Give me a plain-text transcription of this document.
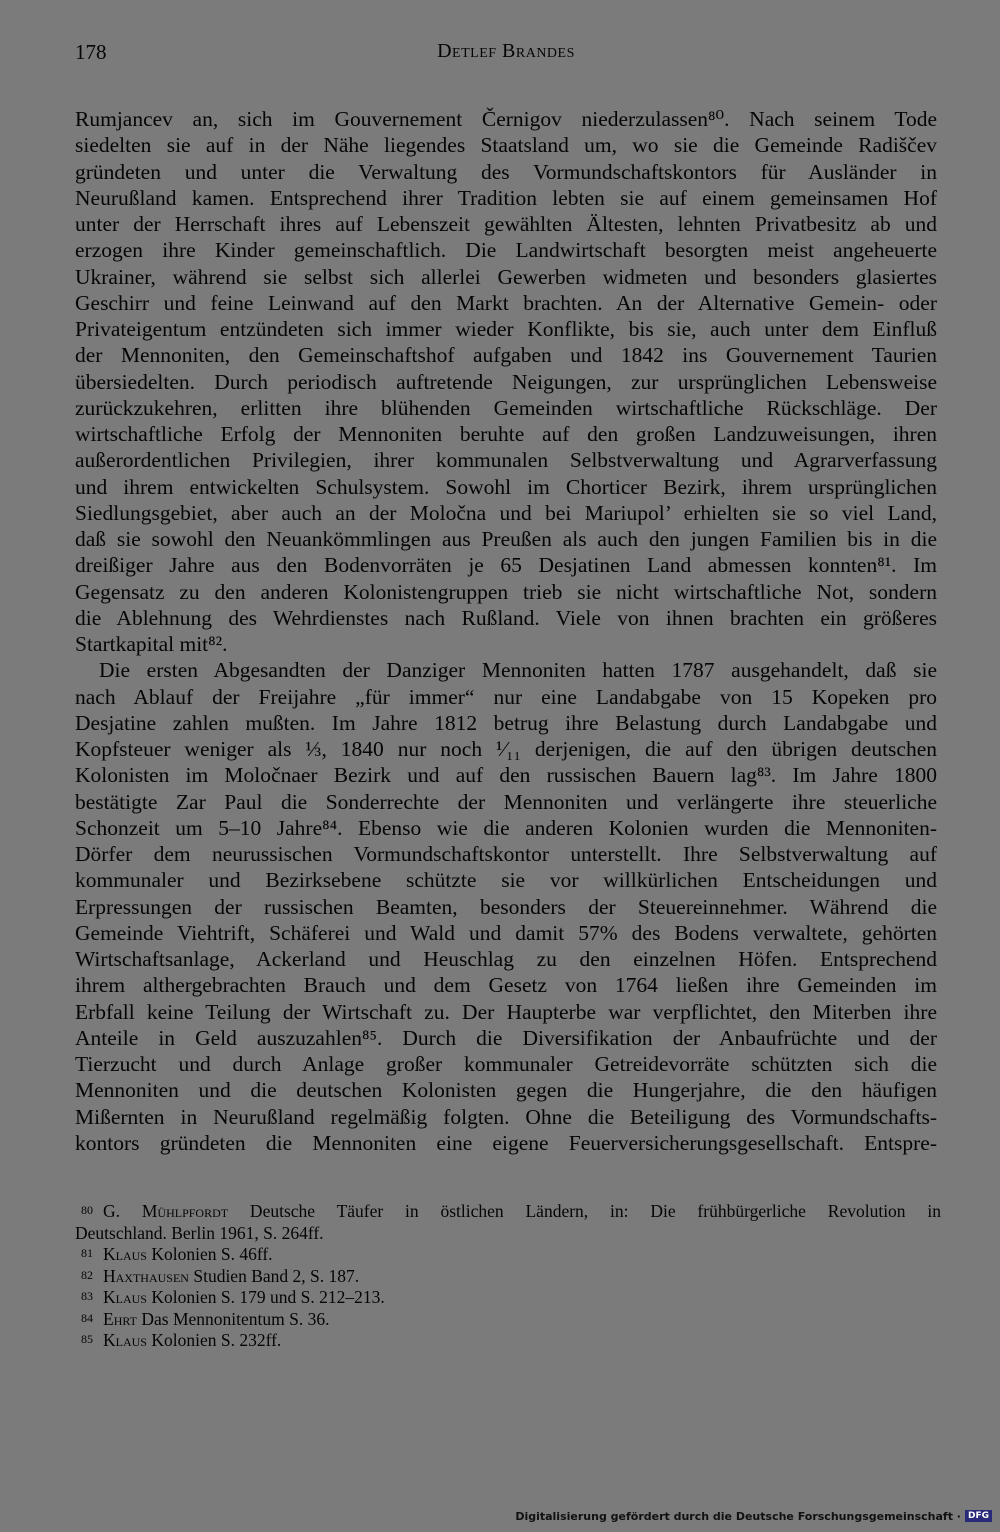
178	Detlef Brandes
Rumjancev an, sich im Gouvernement Černigov niederzulassen⁸⁰. Nach seinem Tode
siedelten sie auf in der Nähe liegendes Staatsland um, wo sie die Gemeinde Radiščev
gründeten und unter die Verwaltung des Vormundschaftskontors für Ausländer in
Neurußland kamen. Entsprechend ihrer Tradition lebten sie auf einem gemeinsamen Hof
unter der Herrschaft ihres auf Lebenszeit gewählten Ältesten, lehnten Privatbesitz ab und
erzogen ihre Kinder gemeinschaftlich. Die Landwirtschaft besorgten meist angeheuerte
Ukrainer, während sie selbst sich allerlei Gewerben widmeten und besonders glasiertes
Geschirr und feine Leinwand auf den Markt brachten. An der Alternative Gemein- oder
Privateigentum entzündeten sich immer wieder Konflikte, bis sie, auch unter dem Einfluß
der Mennoniten, den Gemeinschaftshof aufgaben und 1842 ins Gouvernement Taurien
übersiedelten. Durch periodisch auftretende Neigungen, zur ursprünglichen Lebensweise
zurückzukehren, erlitten ihre blühenden Gemeinden wirtschaftliche Rückschläge. Der
wirtschaftliche Erfolg der Mennoniten beruhte auf den großen Landzuweisungen, ihren
außerordentlichen Privilegien, ihrer kommunalen Selbstverwaltung und Agrarverfassung
und ihrem entwickelten Schulsystem. Sowohl im Chorticer Bezirk, ihrem ursprünglichen
Siedlungsgebiet, aber auch an der Moločna und bei Mariupol’ erhielten sie so viel Land,
daß sie sowohl den Neuankömmlingen aus Preußen als auch den jungen Familien bis in die
dreißiger Jahre aus den Bodenvorräten je 65 Desjatinen Land abmessen konnten⁸¹. Im
Gegensatz zu den anderen Kolonistengruppen trieb sie nicht wirtschaftliche Not, sondern
die Ablehnung des Wehrdienstes nach Rußland. Viele von ihnen brachten ein größeres
Startkapital mit⁸².
Die ersten Abgesandten der Danziger Mennoniten hatten 1787 ausgehandelt, daß sie
nach Ablauf der Freijahre „für immer“ nur eine Landabgabe von 15 Kopeken pro
Desjatine zahlen mußten. Im Jahre 1812 betrug ihre Belastung durch Landabgabe und
Kopfsteuer weniger als ⅓, 1840 nur noch ¹⁄₁₁ derjenigen, die auf den übrigen deutschen
Kolonisten im Moločnaer Bezirk und auf den russischen Bauern lag⁸³. Im Jahre 1800
bestätigte Zar Paul die Sonderrechte der Mennoniten und verlängerte ihre steuerliche
Schonzeit um 5–10 Jahre⁸⁴. Ebenso wie die anderen Kolonien wurden die Mennoniten-
Dörfer dem neurussischen Vormundschaftskontor unterstellt. Ihre Selbstverwaltung auf
kommunaler und Bezirksebene schützte sie vor willkürlichen Entscheidungen und
Erpressungen der russischen Beamten, besonders der Steuereinnehmer. Während die
Gemeinde Viehtrift, Schäferei und Wald und damit 57% des Bodens verwaltete, gehörten
Wirtschaftsanlage, Ackerland und Heuschlag zu den einzelnen Höfen. Entsprechend
ihrem althergebrachten Brauch und dem Gesetz von 1764 ließen ihre Gemeinden im
Erbfall keine Teilung der Wirtschaft zu. Der Haupterbe war verpflichtet, den Miterben ihre
Anteile in Geld auszuzahlen⁸⁵. Durch die Diversifikation der Anbaufrüchte und der
Tierzucht und durch Anlage großer kommunaler Getreidevorräte schützten sich die
Mennoniten und die deutschen Kolonisten gegen die Hungerjahre, die den häufigen
Mißernten in Neurußland regelmäßig folgten. Ohne die Beteiligung des Vormundschafts-
kontors gründeten die Mennoniten eine eigene Feuerversicherungsgesellschaft. Entspre-
80 G. Mühlpfordt Deutsche Täufer in östlichen Ländern, in: Die frühbürgerliche Revolution in
Deutschland. Berlin 1961, S. 264ff.
81 Klaus Kolonien S. 46ff.
82 Haxthausen Studien Band 2, S. 187.
83 Klaus Kolonien S. 179 und S. 212–213.
84 Ehrt Das Mennonitentum S. 36.
85 Klaus Kolonien S. 232ff.
Digitalisierung gefördert durch die Deutsche Forschungsgemeinschaft · DFG
